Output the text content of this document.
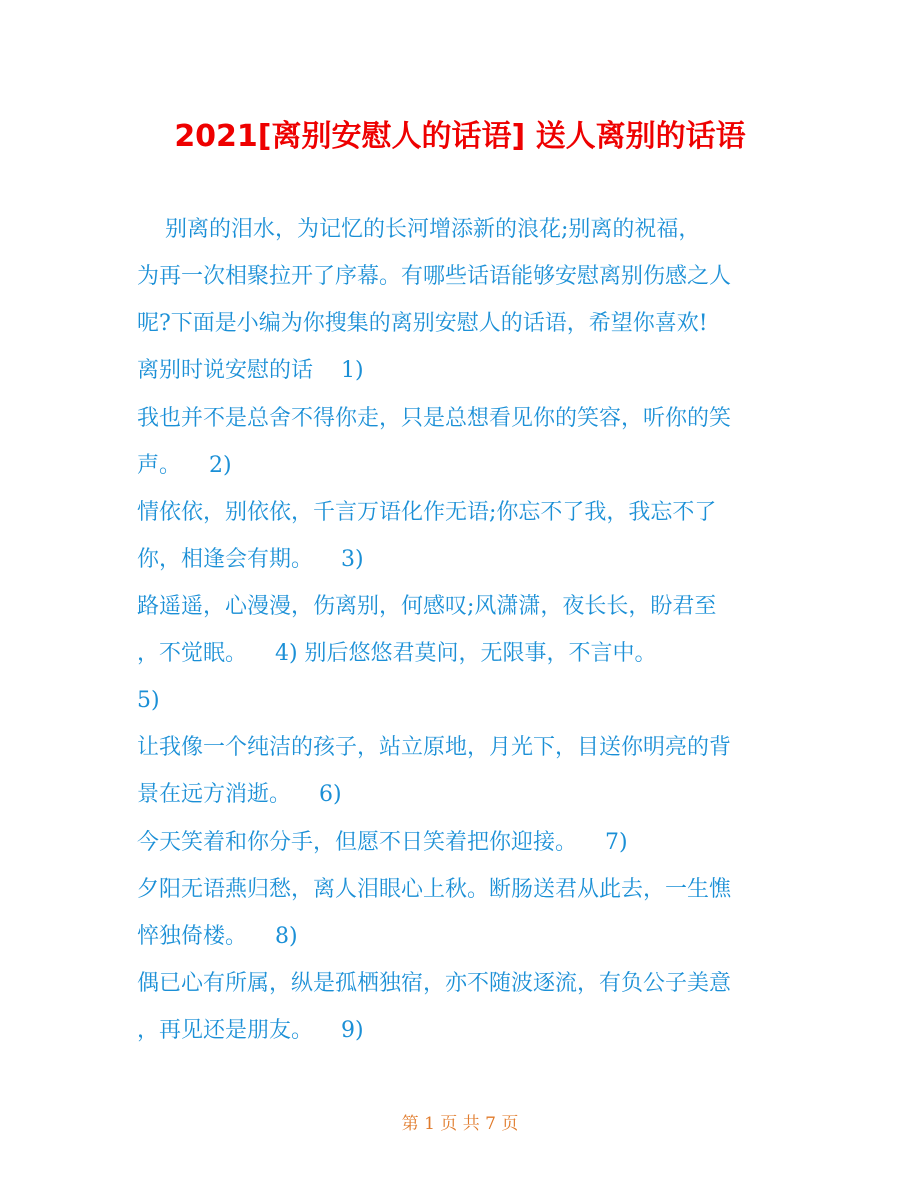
2021[离别安慰人的话语] 送人离别的话语

别离的泪水，为记忆的长河增添新的浪花;别离的祝福，

为再一次相聚拉开了序幕。有哪些话语能够安慰离别伤感之人

呢?下面是小编为你搜集的离别安慰人的话语，希望你喜欢!

离别时说安慰的话    1)

我也并不是总舍不得你走，只是总想看见你的笑容，听你的笑

声。    2)

情依依，别依依，千言万语化作无语;你忘不了我，我忘不了

你，相逢会有期。    3)

路遥遥，心漫漫，伤离别，何感叹;风潇潇，夜长长，盼君至

，不觉眠。    4) 别后悠悠君莫问，无限事，不言中。

5)

让我像一个纯洁的孩子，站立原地，月光下，目送你明亮的背

景在远方消逝。    6)

今天笑着和你分手，但愿不日笑着把你迎接。    7)

夕阳无语燕归愁，离人泪眼心上秋。断肠送君从此去，一生憔

悴独倚楼。    8)

偶已心有所属，纵是孤栖独宿，亦不随波逐流，有负公子美意

，再见还是朋友。    9)

第 1 页 共 7 页
